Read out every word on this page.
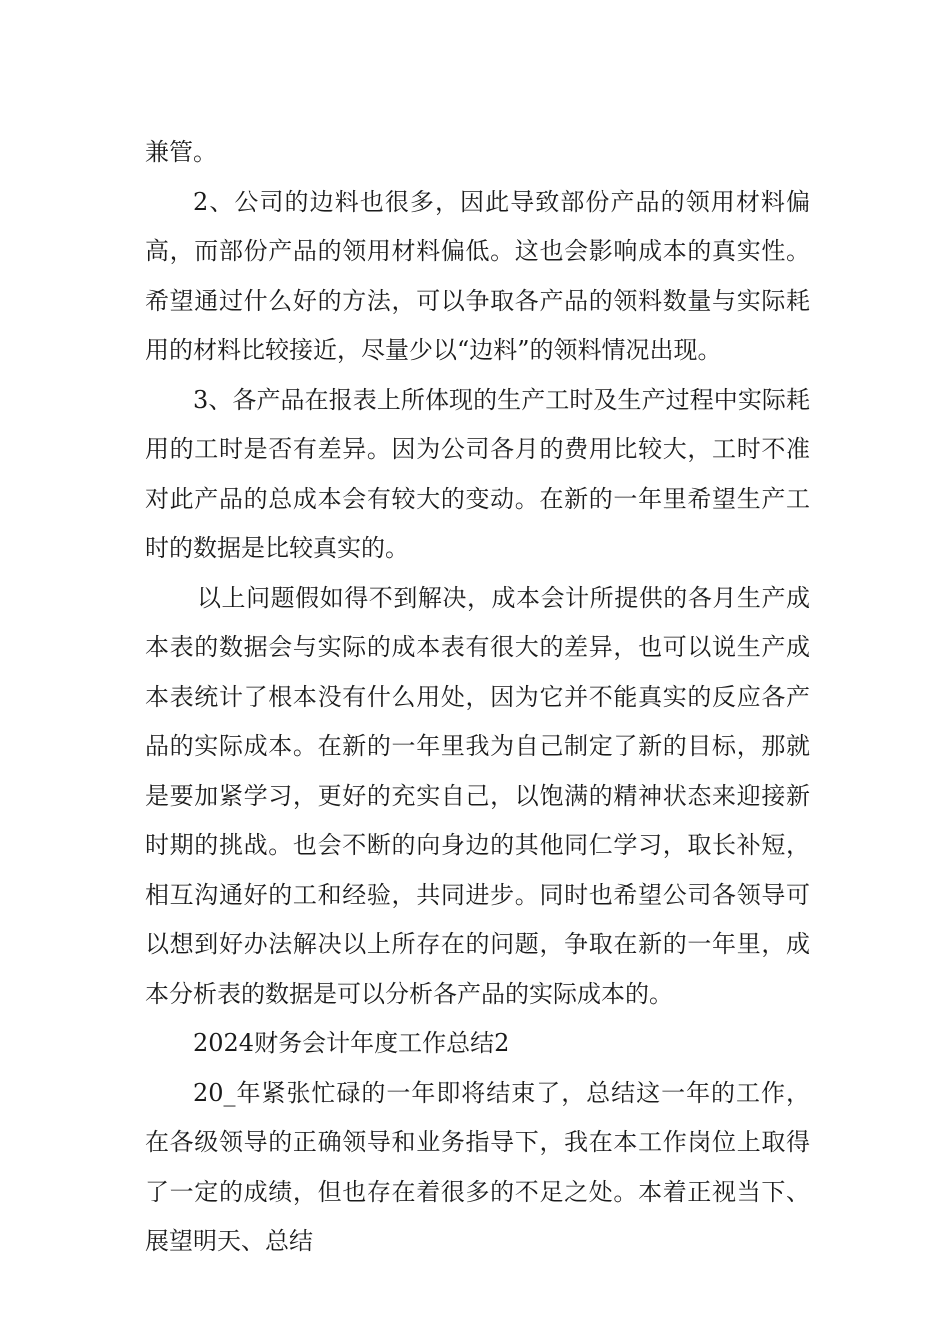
兼管。

2、公司的边料也很多，因此导致部份产品的领用材料偏高，而部份产品的领用材料偏低。这也会影响成本的真实性。希望通过什么好的方法，可以争取各产品的领料数量与实际耗用的材料比较接近，尽量少以“边料”的领料情况出现。

3、各产品在报表上所体现的生产工时及生产过程中实际耗用的工时是否有差异。因为公司各月的费用比较大，工时不准对此产品的总成本会有较大的变动。在新的一年里希望生产工时的数据是比较真实的。

以上问题假如得不到解决，成本会计所提供的各月生产成本表的数据会与实际的成本表有很大的差异，也可以说生产成本表统计了根本没有什么用处，因为它并不能真实的反应各产品的实际成本。在新的一年里我为自己制定了新的目标，那就是要加紧学习，更好的充实自己，以饱满的精神状态来迎接新时期的挑战。也会不断的向身边的其他同仁学习，取长补短，相互沟通好的工和经验，共同进步。同时也希望公司各领导可以想到好办法解决以上所存在的问题，争取在新的一年里，成本分析表的数据是可以分析各产品的实际成本的。

2024财务会计年度工作总结2

20_年紧张忙碌的一年即将结束了，总结这一年的工作，在各级领导的正确领导和业务指导下，我在本工作岗位上取得了一定的成绩，但也存在着很多的不足之处。本着正视当下、展望明天、总结
